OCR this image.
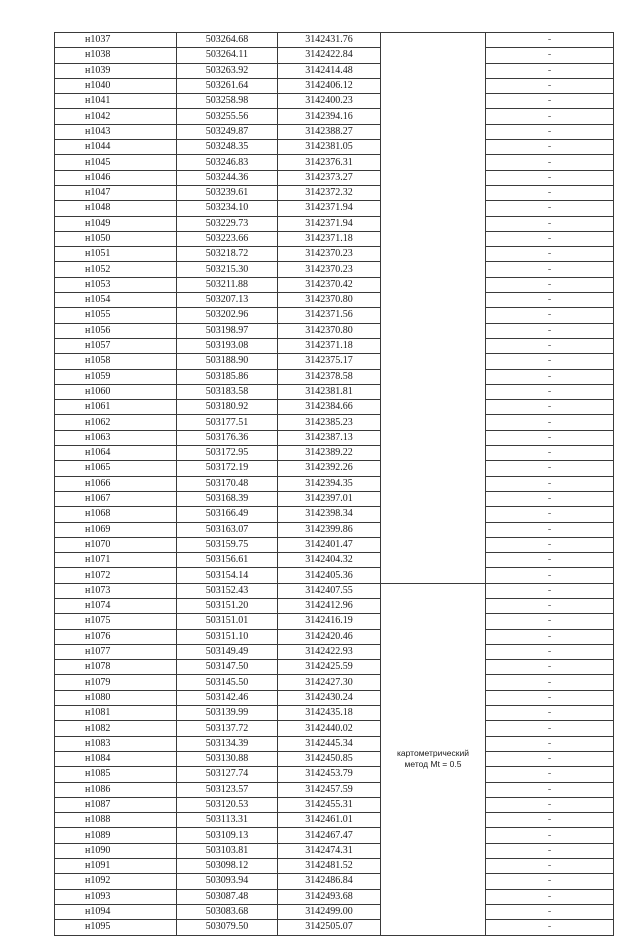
н1037	503264.68	3142431.76		-
н1038	503264.11	3142422.84		-
н1039	503263.92	3142414.48		-
н1040	503261.64	3142406.12		-
н1041	503258.98	3142400.23		-
н1042	503255.56	3142394.16		-
н1043	503249.87	3142388.27		-
н1044	503248.35	3142381.05		-
н1045	503246.83	3142376.31		-
н1046	503244.36	3142373.27		-
н1047	503239.61	3142372.32		-
н1048	503234.10	3142371.94		-
н1049	503229.73	3142371.94		-
н1050	503223.66	3142371.18		-
н1051	503218.72	3142370.23		-
н1052	503215.30	3142370.23		-
н1053	503211.88	3142370.42		-
н1054	503207.13	3142370.80		-
н1055	503202.96	3142371.56		-
н1056	503198.97	3142370.80		-
н1057	503193.08	3142371.18		-
н1058	503188.90	3142375.17		-
н1059	503185.86	3142378.58		-
н1060	503183.58	3142381.81		-
н1061	503180.92	3142384.66		-
н1062	503177.51	3142385.23		-
н1063	503176.36	3142387.13		-
н1064	503172.95	3142389.22		-
н1065	503172.19	3142392.26		-
н1066	503170.48	3142394.35		-
н1067	503168.39	3142397.01		-
н1068	503166.49	3142398.34		-
н1069	503163.07	3142399.86		-
н1070	503159.75	3142401.47		-
н1071	503156.61	3142404.32		-
н1072	503154.14	3142405.36		-
н1073	503152.43	3142407.55	картометрический
метод Mt = 0.5	-
н1074	503151.20	3142412.96		-
н1075	503151.01	3142416.19		-
н1076	503151.10	3142420.46		-
н1077	503149.49	3142422.93		-
н1078	503147.50	3142425.59		-
н1079	503145.50	3142427.30		-
н1080	503142.46	3142430.24		-
н1081	503139.99	3142435.18		-
н1082	503137.72	3142440.02		-
н1083	503134.39	3142445.34		-
н1084	503130.88	3142450.85		-
н1085	503127.74	3142453.79		-
н1086	503123.57	3142457.59		-
н1087	503120.53	3142455.31		-
н1088	503113.31	3142461.01		-
н1089	503109.13	3142467.47		-
н1090	503103.81	3142474.31		-
н1091	503098.12	3142481.52		-
н1092	503093.94	3142486.84		-
н1093	503087.48	3142493.68		-
н1094	503083.68	3142499.00		-
н1095	503079.50	3142505.07		-
